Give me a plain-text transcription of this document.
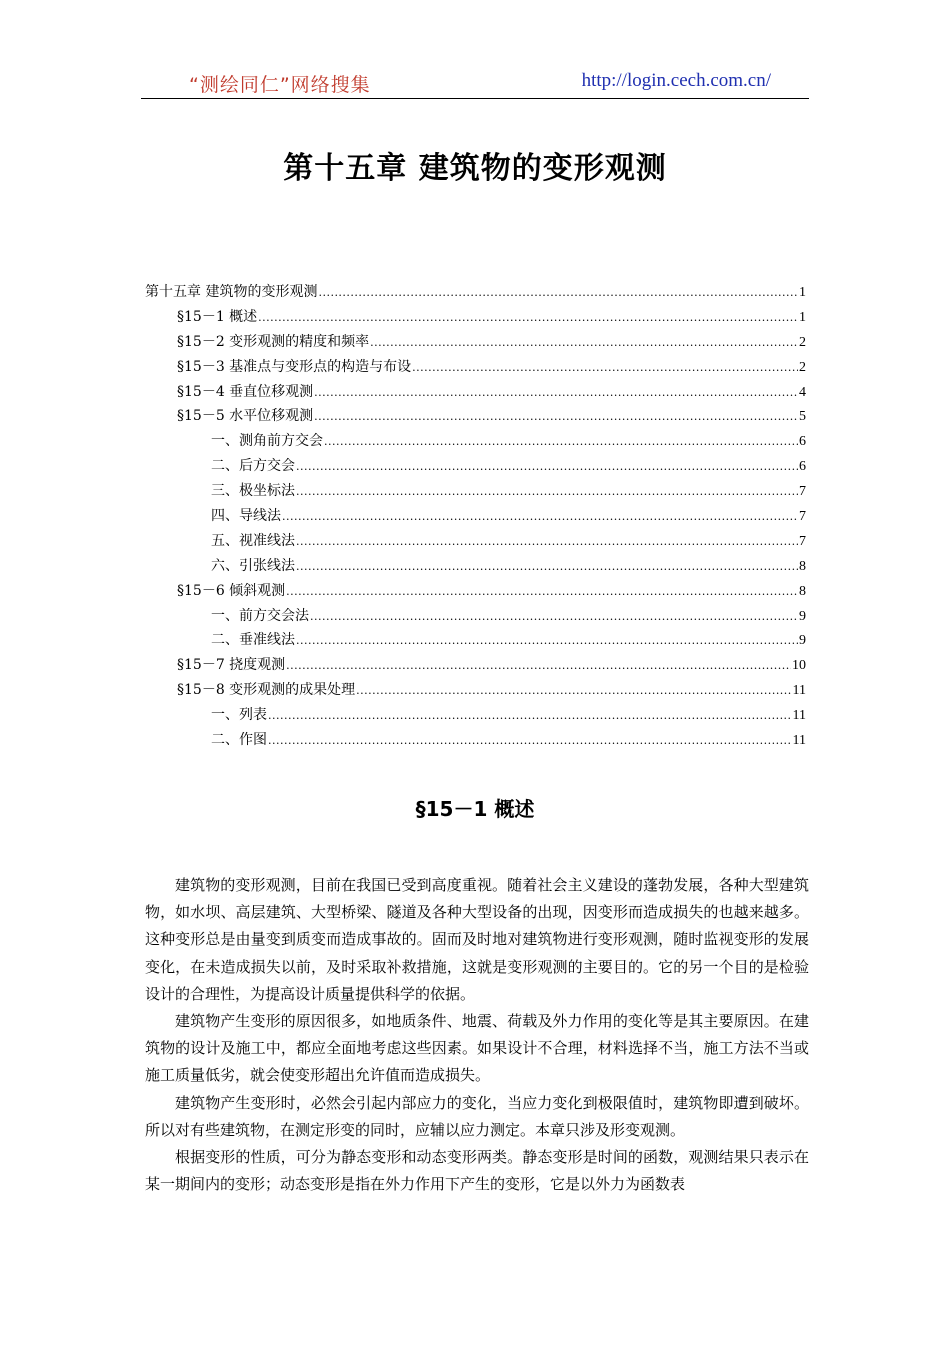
“测绘同仁”网络搜集	http://login.cech.com.cn/
第十五章 建筑物的变形观测
第十五章 建筑物的变形观测 .....	1
§15－1 概述 .....	1
§15－2 变形观测的精度和频率 .....	2
§15－3 基准点与变形点的构造与布设 .....	2
§15－4 垂直位移观测 .....	4
§15－5 水平位移观测 .....	5
一、测角前方交会 .....	6
二、后方交会 .....	6
三、极坐标法 .....	7
四、导线法 .....	7
五、视准线法 .....	7
六、引张线法 .....	8
§15－6 倾斜观测 .....	8
一、前方交会法 .....	9
二、垂准线法 .....	9
§15－7 挠度观测 .....	10
§15－8 变形观测的成果处理 .....	11
一、列表 .....	11
二、作图 .....	11
§15－1 概述

建筑物的变形观测，目前在我国已受到高度重视。随着社会主义建设的蓬勃发展，各种大型建筑物，如水坝、高层建筑、大型桥梁、隧道及各种大型设备的出现，因变形而造成损失的也越来越多。这种变形总是由量变到质变而造成事故的。固而及时地对建筑物进行变形观测，随时监视变形的发展变化，在未造成损失以前，及时采取补救措施，这就是变形观测的主要目的。它的另一个目的是检验设计的合理性，为提高设计质量提供科学的依据。

建筑物产生变形的原因很多，如地质条件、地震、荷载及外力作用的变化等是其主要原因。在建筑物的设计及施工中，都应全面地考虑这些因素。如果设计不合理，材料选择不当，施工方法不当或施工质量低劣，就会使变形超出允许值而造成损失。

建筑物产生变形时，必然会引起内部应力的变化，当应力变化到极限值时，建筑物即遭到破坏。所以对有些建筑物，在测定形变的同时，应辅以应力测定。本章只涉及形变观测。

根据变形的性质，可分为静态变形和动态变形两类。静态变形是时间的函数，观测结果只表示在某一期间内的变形；动态变形是指在外力作用下产生的变形，它是以外力为函数表
